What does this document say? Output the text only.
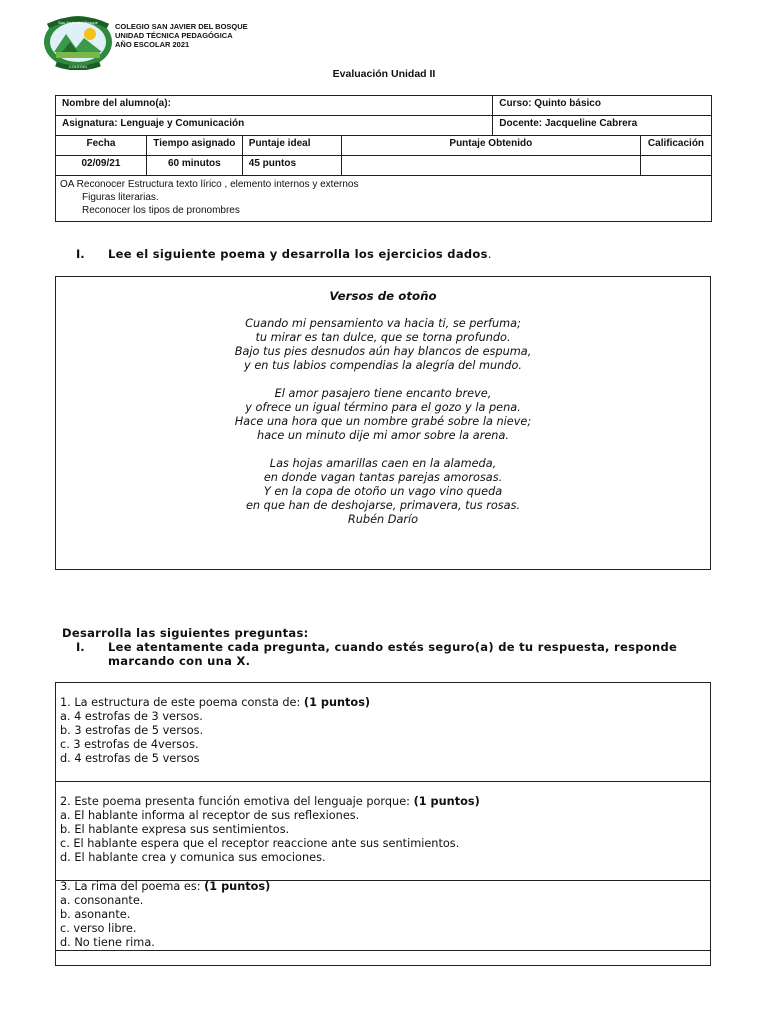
San Javier del Bosque
COLEGIO
COLEGIO SAN JAVIER DEL BOSQUE
UNIDAD TÉCNICA PEDAGÓGICA
AÑO ESCOLAR 2021
Evaluación Unidad II
Nombre del alumno(a):				Curso: Quinto básico	
Asignatura: Lenguaje y Comunicación				Docente: Jacqueline Cabrera	
Fecha	Tiempo asignado	Puntaje ideal	Puntaje Obtenido		Calificación
02/09/21	60 minutos	45 puntos			

OA Reconocer Estructura texto lírico , elemento internos y externos
Figuras literarias.
Reconocer los tipos de pronombres					
I. Lee el siguiente poema y desarrolla los ejercicios dados.
Versos de otoño
Cuando mi pensamiento va hacia ti, se perfuma;
tu mirar es tan dulce, que se torna profundo.
Bajo tus pies desnudos aún hay blancos de espuma,
y en tus labios compendias la alegría del mundo.
El amor pasajero tiene encanto breve,
y ofrece un igual término para el gozo y la pena.
Hace una hora que un nombre grabé sobre la nieve;
hace un minuto dije mi amor sobre la arena.
Las hojas amarillas caen en la alameda,
en donde vagan tantas parejas amorosas.
Y en la copa de otoño un vago vino queda
en que han de deshojarse, primavera, tus rosas.
Rubén Darío
Desarrolla las siguientes preguntas:
I. Lee atentamente cada pregunta, cuando estés seguro(a) de tu respuesta, responde
marcando con una X.
1. La estructura de este poema consta de: (1 puntos)
a. 4 estrofas de 3 versos.
b. 3 estrofas de 5 versos.
c. 3 estrofas de 4versos.
d. 4 estrofas de 5 versos
2. Este poema presenta función emotiva del lenguaje porque: (1 puntos)
a. El hablante informa al receptor de sus reflexiones.
b. El hablante expresa sus sentimientos.
c. El hablante espera que el receptor reaccione ante sus sentimientos.
d. El hablante crea y comunica sus emociones.
3. La rima del poema es: (1 puntos)
a. consonante.
b. asonante.
c. verso libre.
d. No tiene rima.
